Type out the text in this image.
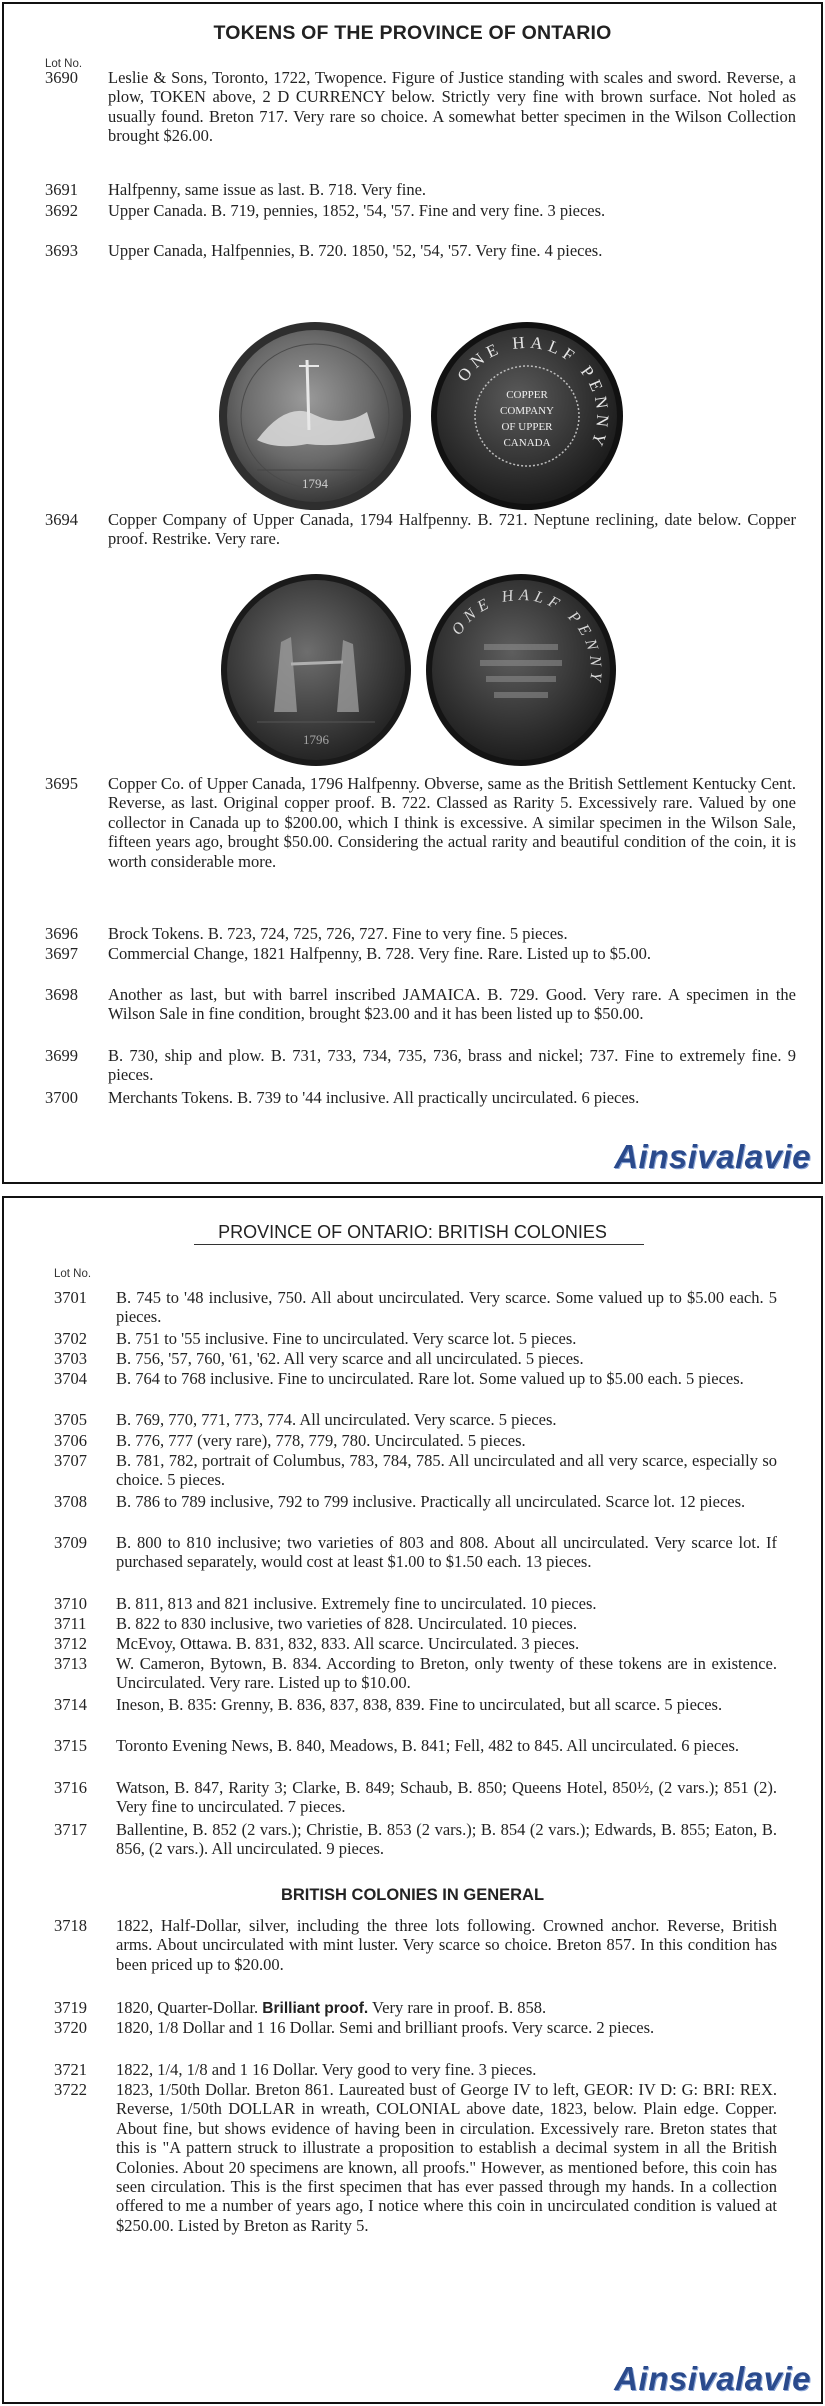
TOKENS OF THE PROVINCE OF ONTARIO
Lot No.
3690 Leslie & Sons, Toronto, 1722, Twopence. Figure of Justice standing with scales and sword. Reverse, a plow, TOKEN above, 2 D CURRENCY below. Strictly very fine with brown surface. Not holed as usually found. Breton 717. Very rare so choice. A somewhat better specimen in the Wilson Collection brought $26.00.
3691 Halfpenny, same issue as last. B. 718. Very fine.
3692 Upper Canada. B. 719, pennies, 1852, '54, '57. Fine and very fine. 3 pieces.
3693 Upper Canada, Halfpennies, B. 720. 1850, '52, '54, '57. Very fine. 4 pieces.
1794
ONE HALF PENNY
COPPER
COMPANY
OF UPPER
CANADA
3694 Copper Company of Upper Canada, 1794 Halfpenny. B. 721. Neptune reclining, date below. Copper proof. Restrike. Very rare.
1796
ONE HALF PENNY
3695 Copper Co. of Upper Canada, 1796 Halfpenny. Obverse, same as the British Settlement Kentucky Cent. Reverse, as last. Original copper proof. B. 722. Classed as Rarity 5. Excessively rare. Valued by one collector in Canada up to $200.00, which I think is excessive. A similar specimen in the Wilson Sale, fifteen years ago, brought $50.00. Considering the actual rarity and beautiful condition of the coin, it is worth considerable more.
3696 Brock Tokens. B. 723, 724, 725, 726, 727. Fine to very fine. 5 pieces.
3697 Commercial Change, 1821 Halfpenny, B. 728. Very fine. Rare. Listed up to $5.00.
3698 Another as last, but with barrel inscribed JAMAICA. B. 729. Good. Very rare. A specimen in the Wilson Sale in fine condition, brought $23.00 and it has been listed up to $50.00.
3699 B. 730, ship and plow. B. 731, 733, 734, 735, 736, brass and nickel; 737. Fine to extremely fine. 9 pieces.
3700 Merchants Tokens. B. 739 to '44 inclusive. All practically uncirculated. 6 pieces.
Ainsivalavie
PROVINCE OF ONTARIO: BRITISH COLONIES
Lot No.
3701 B. 745 to '48 inclusive, 750. All about uncirculated. Very scarce. Some valued up to $5.00 each. 5 pieces.
3702 B. 751 to '55 inclusive. Fine to uncirculated. Very scarce lot. 5 pieces.
3703 B. 756, '57, 760, '61, '62. All very scarce and all uncirculated. 5 pieces.
3704 B. 764 to 768 inclusive. Fine to uncirculated. Rare lot. Some valued up to $5.00 each. 5 pieces.
3705 B. 769, 770, 771, 773, 774. All uncirculated. Very scarce. 5 pieces.
3706 B. 776, 777 (very rare), 778, 779, 780. Uncirculated. 5 pieces.
3707 B. 781, 782, portrait of Columbus, 783, 784, 785. All uncirculated and all very scarce, especially so choice. 5 pieces.
3708 B. 786 to 789 inclusive, 792 to 799 inclusive. Practically all uncirculated. Scarce lot. 12 pieces.
3709 B. 800 to 810 inclusive; two varieties of 803 and 808. About all uncirculated. Very scarce lot. If purchased separately, would cost at least $1.00 to $1.50 each. 13 pieces.
3710 B. 811, 813 and 821 inclusive. Extremely fine to uncirculated. 10 pieces.
3711 B. 822 to 830 inclusive, two varieties of 828. Uncirculated. 10 pieces.
3712 McEvoy, Ottawa. B. 831, 832, 833. All scarce. Uncirculated. 3 pieces.
3713 W. Cameron, Bytown, B. 834. According to Breton, only twenty of these tokens are in existence. Uncirculated. Very rare. Listed up to $10.00.
3714 Ineson, B. 835: Grenny, B. 836, 837, 838, 839. Fine to uncirculated, but all scarce. 5 pieces.
3715 Toronto Evening News, B. 840, Meadows, B. 841; Fell, 482 to 845. All uncirculated. 6 pieces.
3716 Watson, B. 847, Rarity 3; Clarke, B. 849; Schaub, B. 850; Queens Hotel, 850½, (2 vars.); 851 (2). Very fine to uncirculated. 7 pieces.
3717 Ballentine, B. 852 (2 vars.); Christie, B. 853 (2 vars.); B. 854 (2 vars.); Edwards, B. 855; Eaton, B. 856, (2 vars.). All uncirculated. 9 pieces.
BRITISH COLONIES IN GENERAL
3718 1822, Half-Dollar, silver, including the three lots following. Crowned anchor. Reverse, British arms. About uncirculated with mint luster. Very scarce so choice. Breton 857. In this condition has been priced up to $20.00.
3719 1820, Quarter-Dollar. Brilliant proof. Very rare in proof. B. 858.
3720 1820, 1/8 Dollar and 1 16 Dollar. Semi and brilliant proofs. Very scarce. 2 pieces.
3721 1822, 1/4, 1/8 and 1 16 Dollar. Very good to very fine. 3 pieces.
3722 1823, 1/50th Dollar. Breton 861. Laureated bust of George IV to left, GEOR: IV D: G: BRI: REX. Reverse, 1/50th DOLLAR in wreath, COLONIAL above date, 1823, below. Plain edge. Copper. About fine, but shows evidence of having been in circulation. Excessively rare. Breton states that this is "A pattern struck to illustrate a proposition to establish a decimal system in all the British Colonies. About 20 specimens are known, all proofs." However, as mentioned before, this coin has seen circulation. This is the first specimen that has ever passed through my hands. In a collection offered to me a number of years ago, I notice where this coin in uncirculated condition is valued at $250.00. Listed by Breton as Rarity 5.
Ainsivalavie
